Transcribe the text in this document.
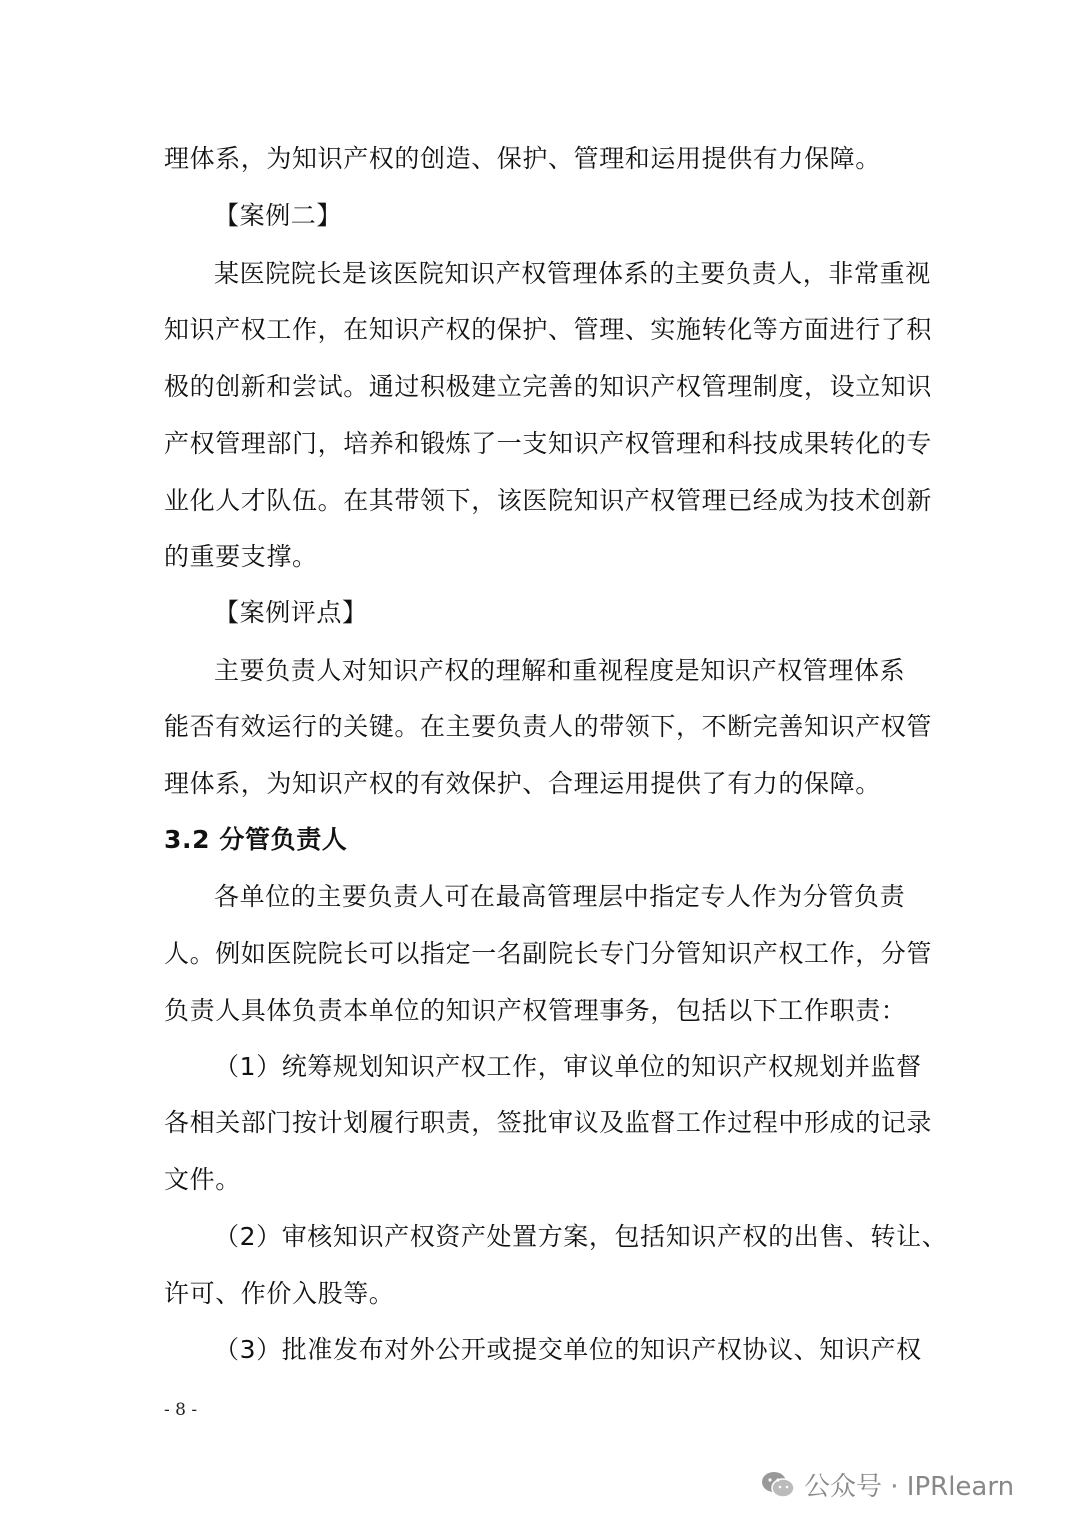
理体系，为知识产权的创造、保护、管理和运用提供有力保障。
【案例二】
某医院院长是该医院知识产权管理体系的主要负责人，非常重视
知识产权工作，在知识产权的保护、管理、实施转化等方面进行了积
极的创新和尝试。通过积极建立完善的知识产权管理制度，设立知识
产权管理部门，培养和锻炼了一支知识产权管理和科技成果转化的专
业化人才队伍。在其带领下，该医院知识产权管理已经成为技术创新
的重要支撑。
【案例评点】
主要负责人对知识产权的理解和重视程度是知识产权管理体系
能否有效运行的关键。在主要负责人的带领下，不断完善知识产权管
理体系，为知识产权的有效保护、合理运用提供了有力的保障。
3.2 分管负责人
各单位的主要负责人可在最高管理层中指定专人作为分管负责
人。例如医院院长可以指定一名副院长专门分管知识产权工作，分管
负责人具体负责本单位的知识产权管理事务，包括以下工作职责：
（1）统筹规划知识产权工作，审议单位的知识产权规划并监督
各相关部门按计划履行职责，签批审议及监督工作过程中形成的记录
文件。
（2）审核知识产权资产处置方案，包括知识产权的出售、转让、
许可、作价入股等。
（3）批准发布对外公开或提交单位的知识产权协议、知识产权
- 8 -
公众号 · IPRlearn
